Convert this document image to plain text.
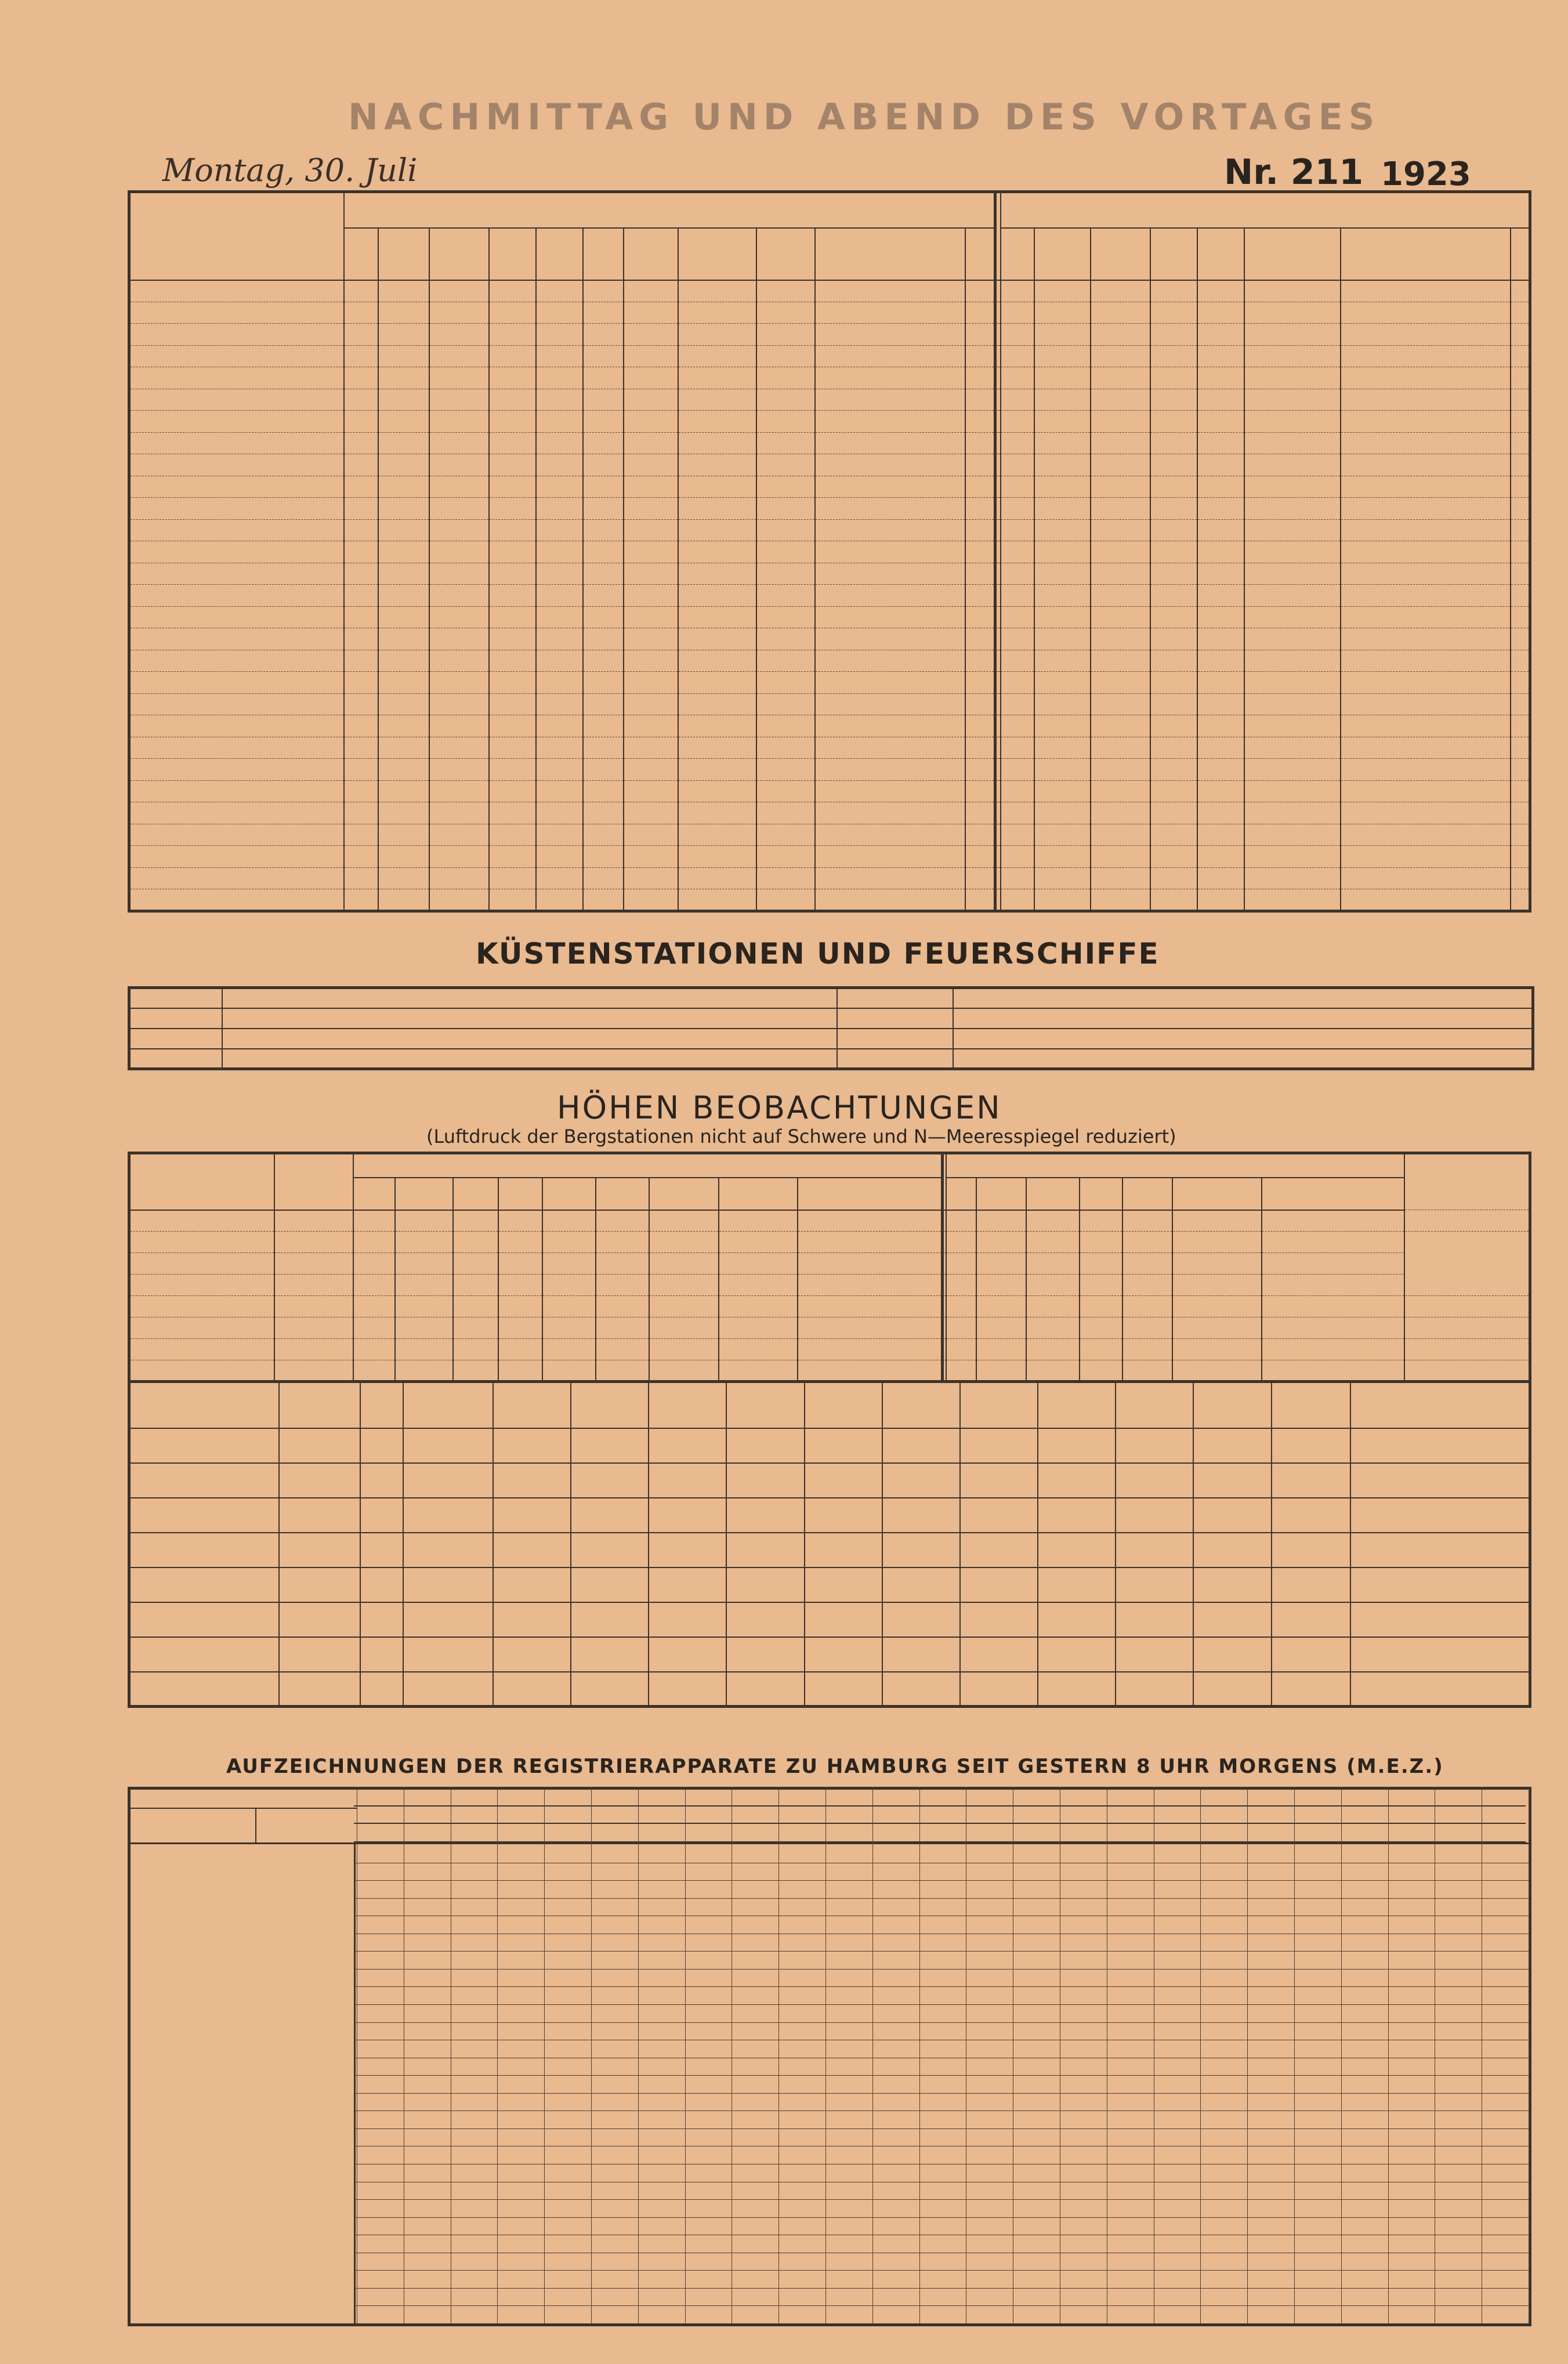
NACHMITTAG UND ABEND DES VORTAGES
Montag, 30. Juli	Nr. 211 1923

KÜSTENSTATIONEN UND FEUERSCHIFFE

HÖHEN BEOBACHTUNGEN
(Luftdruck der Bergstationen nicht auf Schwere und N—Meeresspiegel reduziert)

AUFZEICHNUNGEN DER REGISTRIERAPPARATE ZU HAMBURG SEIT GESTERN 8 UHR MORGENS (M.E.Z.)
